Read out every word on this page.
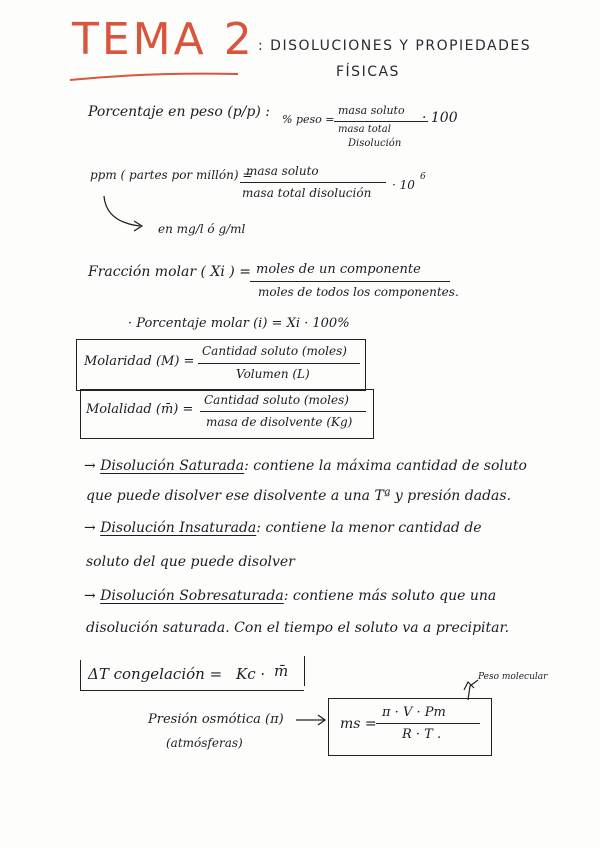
TEMA 2 : DISOLUCIONES Y PROPIEDADES
FÍSICAS
Porcentaje en peso (p/p) : % peso =
masa soluto
masa total
Disolución
· 100
ppm ( partes por millón) =
masa soluto
masa total disolución
· 10
6
en mg/l ó g/ml
Fracción molar ( Xi ) = moles de un componente
moles de todos los componentes.
· Porcentaje molar (i) = Xi · 100%
Molaridad (M) =
Cantidad soluto (moles)
Volumen (L)
Molalidad (m̄) =
Cantidad soluto (moles)
masa de disolvente (Kg)
→ Disolución Saturada: contiene la máxima cantidad de soluto
que puede disolver ese disolvente a una Tª y presión dadas.
→ Disolución Insaturada: contiene la menor cantidad de
soluto del que puede disolver
→ Disolución Sobresaturada: contiene más soluto que una
disolución saturada. Con el tiempo el soluto va a precipitar.
ΔT congelación = Kc · m̄
Presión osmótica (π)
(atmósferas)
ms =
π · V · Pm
R · T .
Peso molecular
